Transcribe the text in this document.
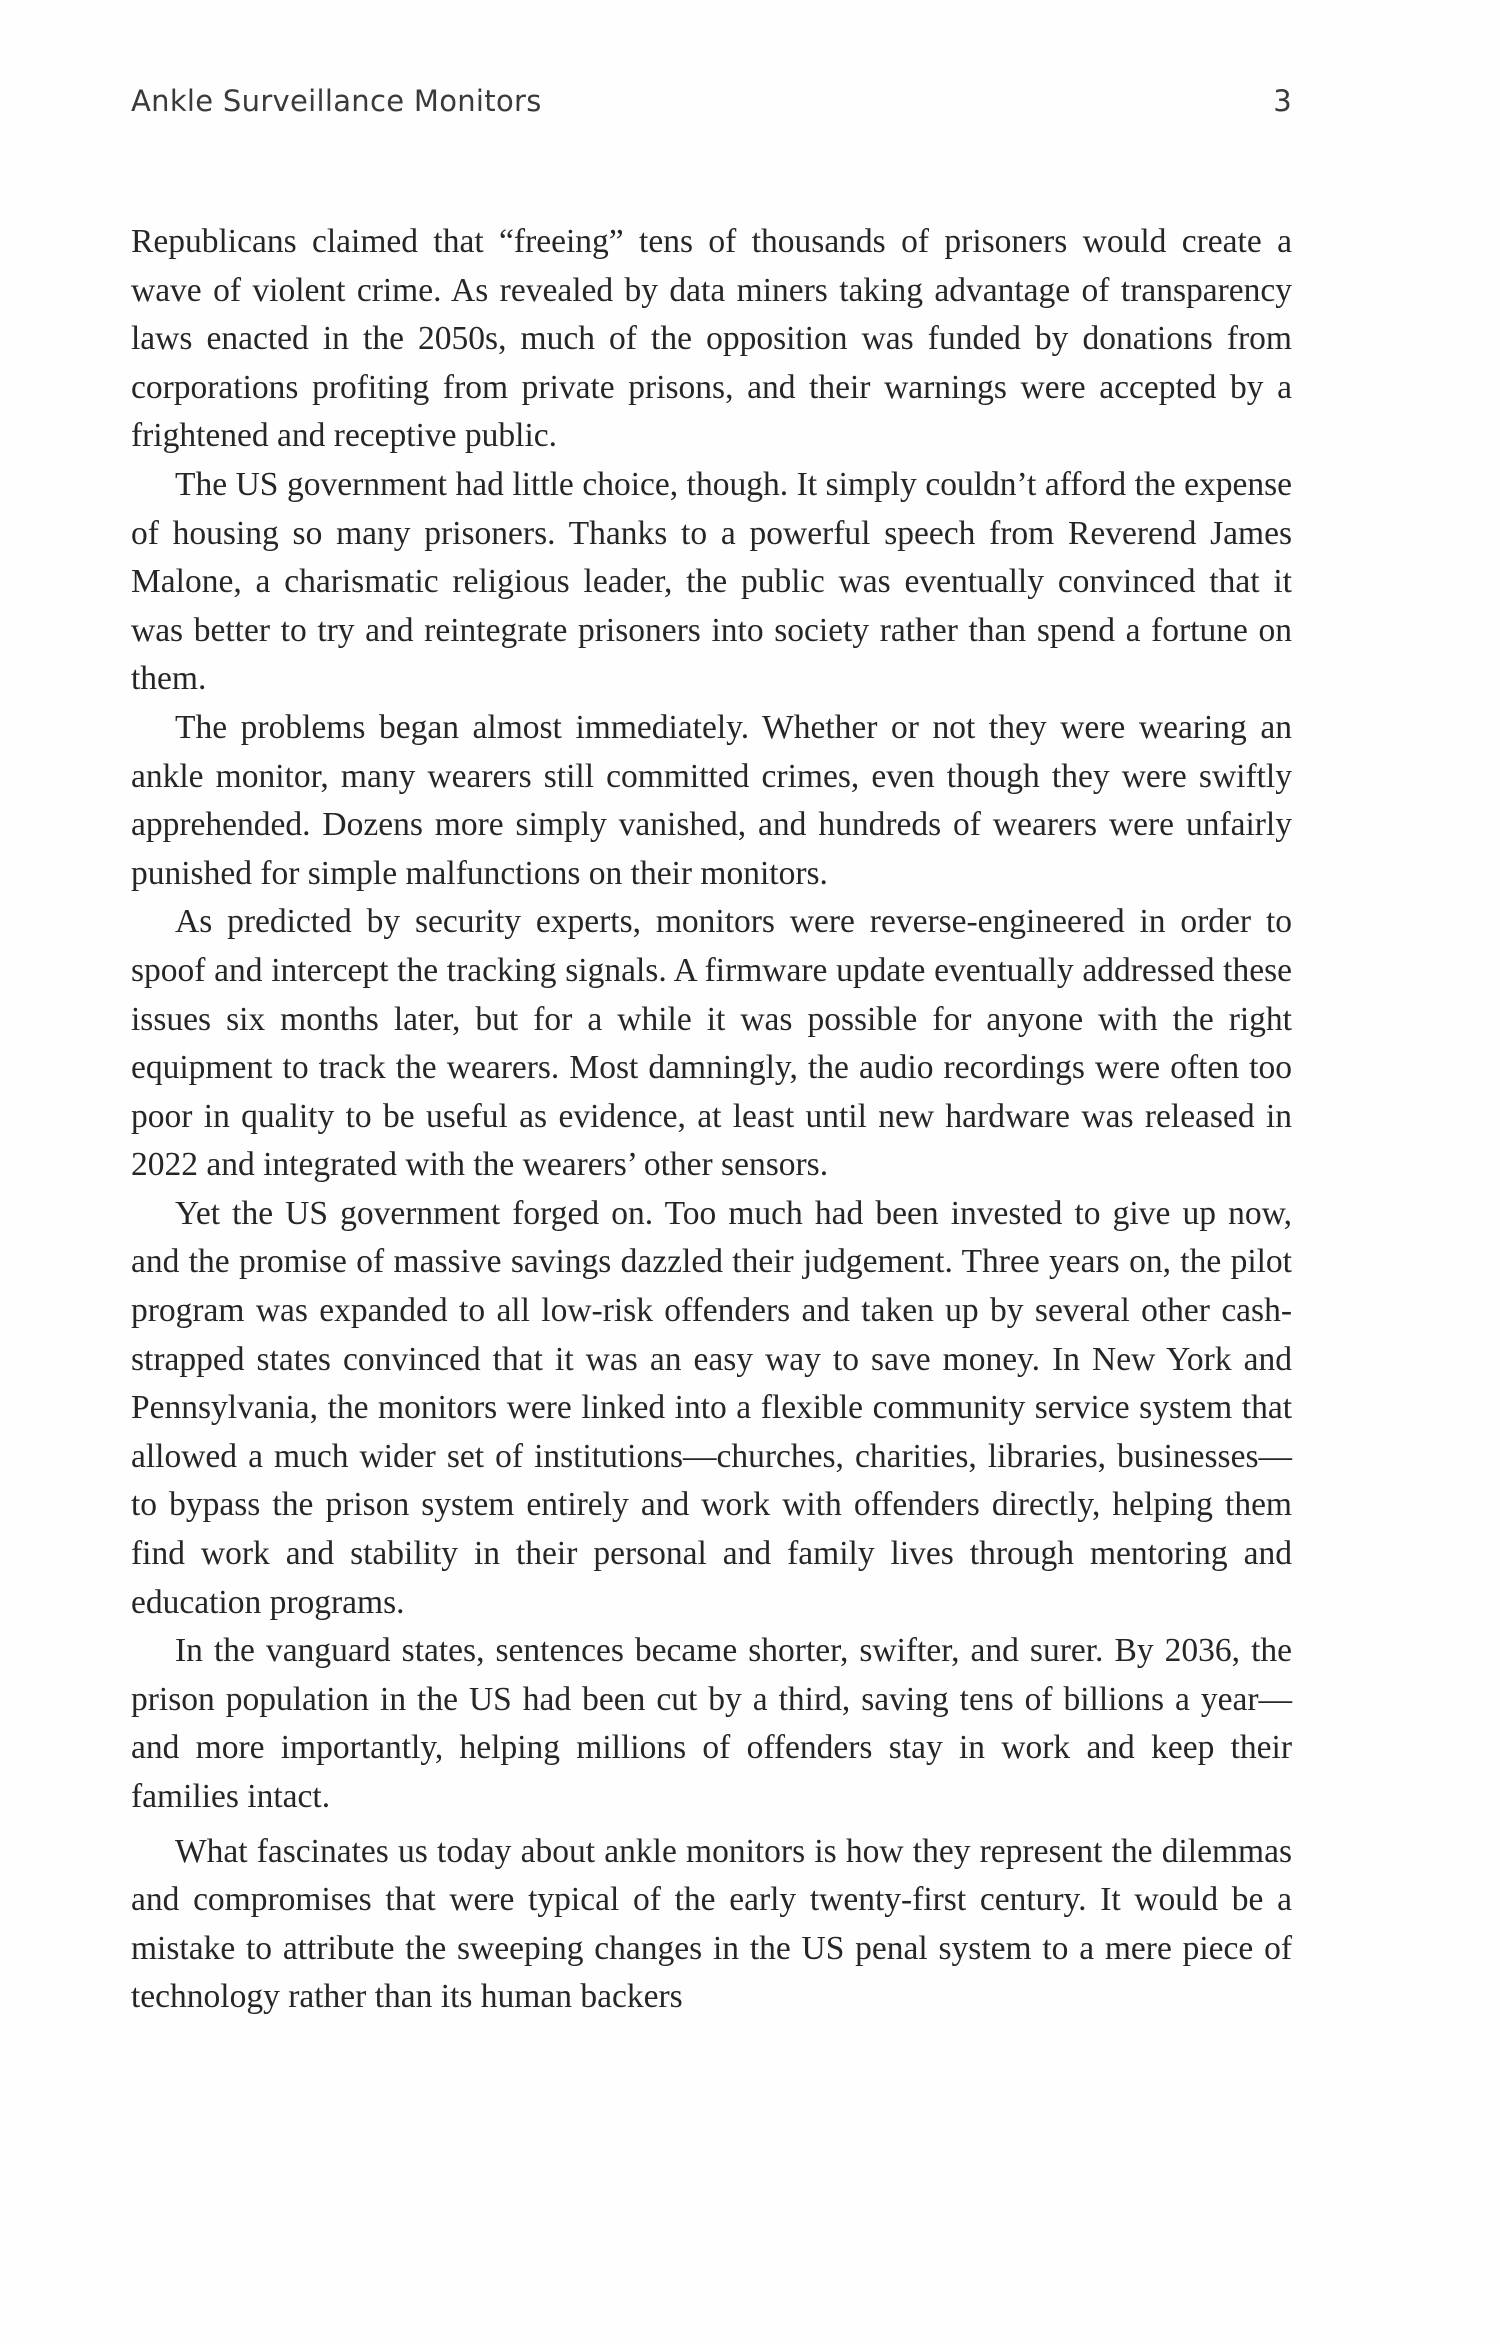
Ankle Surveillance Monitors	3

Republicans claimed that “freeing” tens of thousands of prisoners would create a wave of violent crime. As revealed by data miners taking advantage of transparency laws enacted in the 2050s, much of the opposition was funded by donations from corporations profiting from private prisons, and their warnings were accepted by a frightened and receptive public.

The US government had little choice, though. It simply couldn’t afford the expense of housing so many prisoners. Thanks to a powerful speech from Reverend James Malone, a charismatic religious leader, the public was eventually convinced that it was better to try and reintegrate prisoners into society rather than spend a fortune on them.

The problems began almost immediately. Whether or not they were wearing an ankle monitor, many wearers still committed crimes, even though they were swiftly apprehended. Dozens more simply vanished, and hundreds of wearers were unfairly punished for simple malfunctions on their monitors.

As predicted by security experts, monitors were reverse-engineered in order to spoof and intercept the tracking signals. A firmware update eventually addressed these issues six months later, but for a while it was possible for anyone with the right equipment to track the wearers. Most damningly, the audio recordings were often too poor in quality to be useful as evidence, at least until new hardware was released in 2022 and integrated with the wearers’ other sensors.

Yet the US government forged on. Too much had been invested to give up now, and the promise of massive savings dazzled their judgement. Three years on, the pilot program was expanded to all low-risk offenders and taken up by several other cash-strapped states convinced that it was an easy way to save money. In New York and Pennsylvania, the monitors were linked into a flexible community service system that allowed a much wider set of institutions—churches, charities, libraries, businesses—to bypass the prison system entirely and work with offenders directly, helping them find work and stability in their personal and family lives through mentoring and education programs.

In the vanguard states, sentences became shorter, swifter, and surer. By 2036, the prison population in the US had been cut by a third, saving tens of billions a year—and more importantly, helping millions of offenders stay in work and keep their families intact.

What fascinates us today about ankle monitors is how they represent the dilemmas and compromises that were typical of the early twenty-first century. It would be a mistake to attribute the sweeping changes in the US penal system to a mere piece of technology rather than its human backers
